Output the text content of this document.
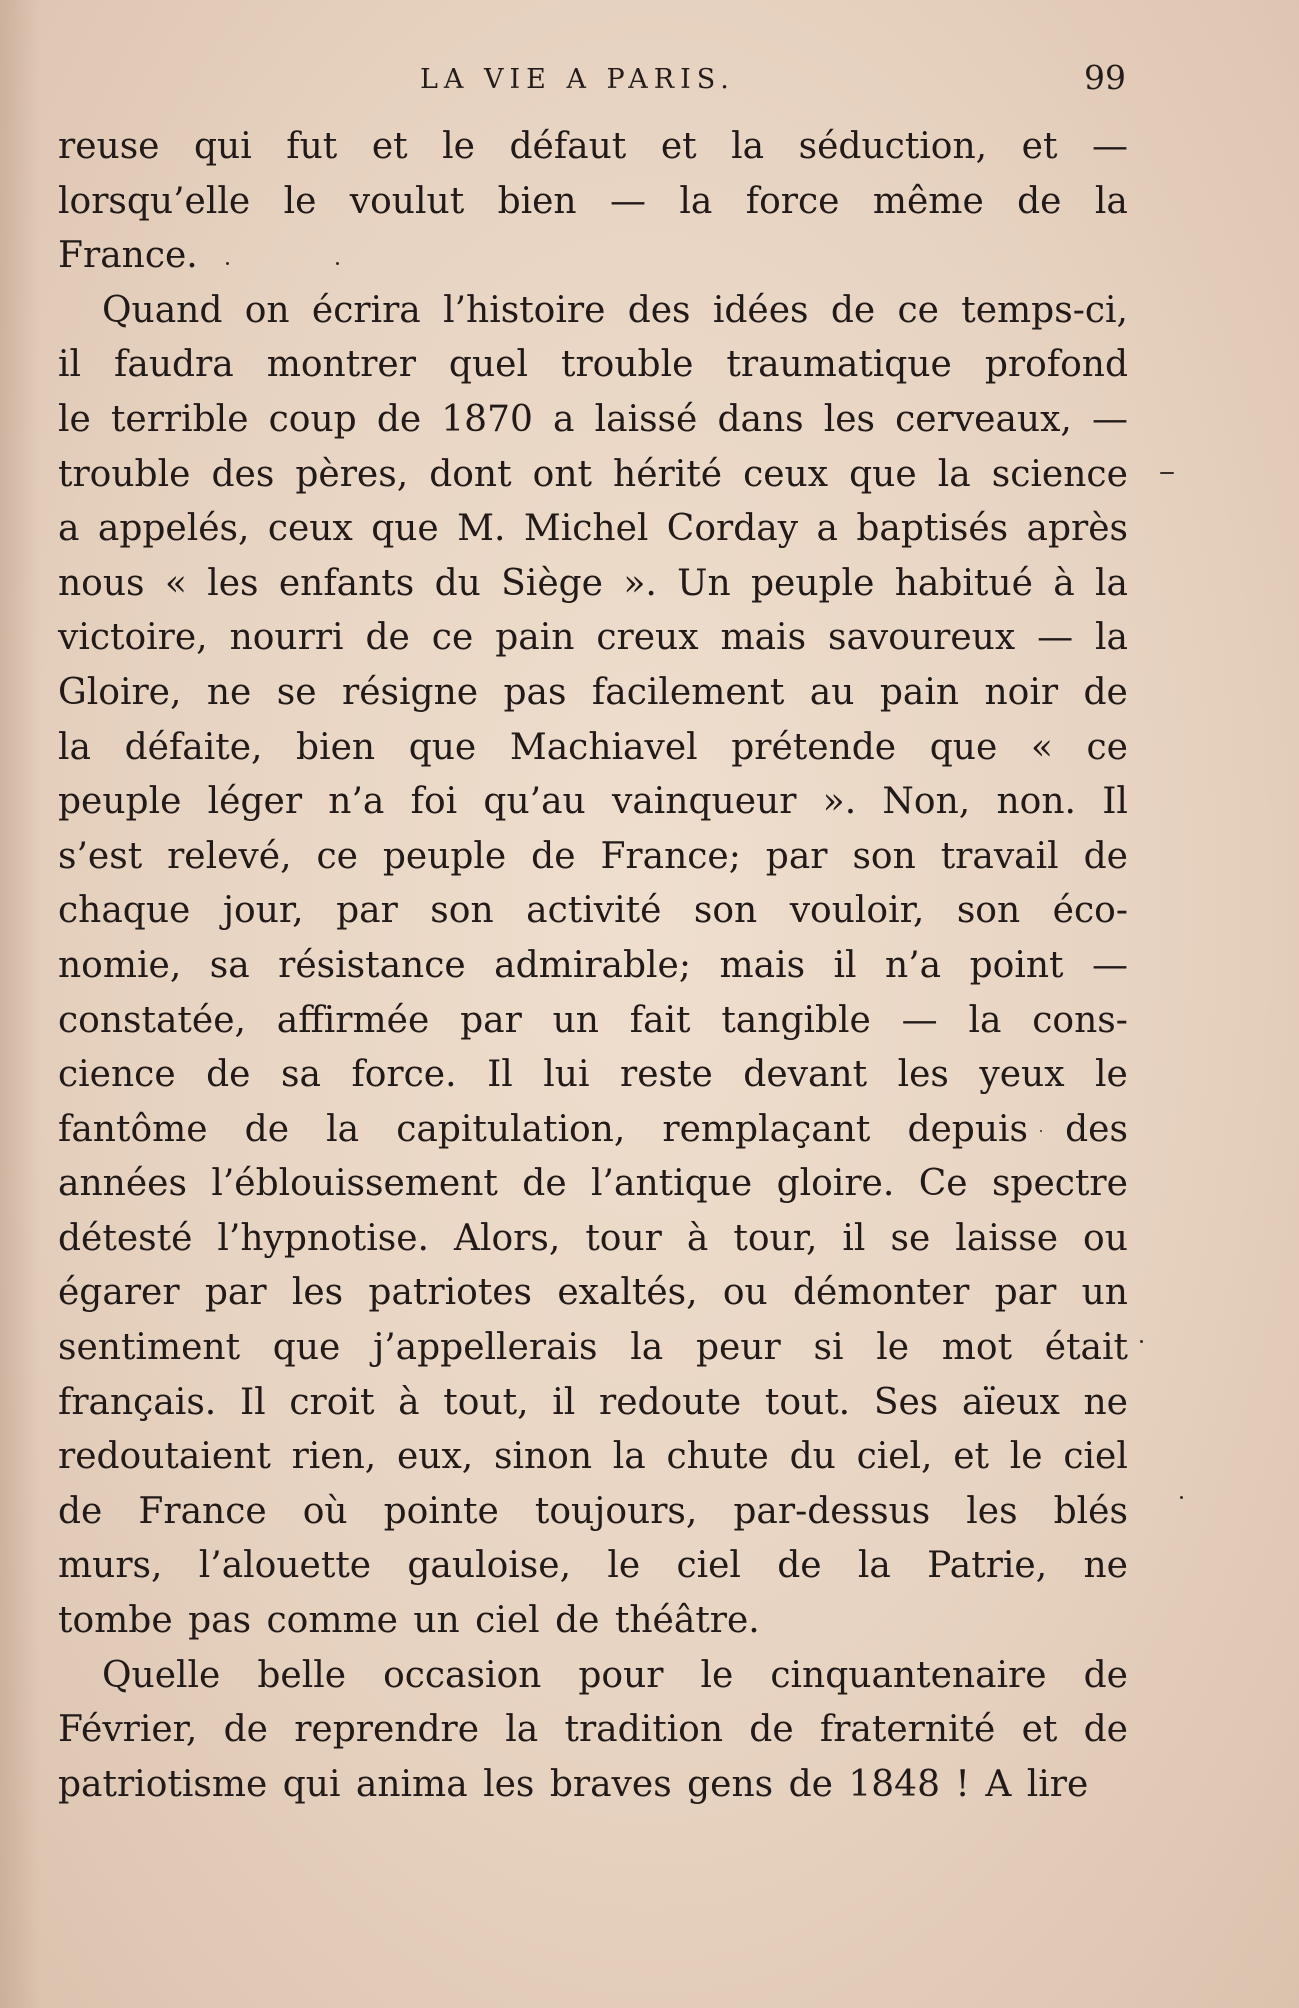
LA VIE A PARIS.	99
reuse qui fut et le défaut et la séduction, et —
lorsqu’elle le voulut bien — la force même de la
France.
Quand on écrira l’histoire des idées de ce temps-ci,
il faudra montrer quel trouble traumatique profond
le terrible coup de 1870 a laissé dans les cerveaux, —
trouble des pères, dont ont hérité ceux que la science
a appelés, ceux que M. Michel Corday a baptisés après
nous « les enfants du Siège ». Un peuple habitué à la
victoire, nourri de ce pain creux mais savoureux — la
Gloire, ne se résigne pas facilement au pain noir de
la défaite, bien que Machiavel prétende que « ce
peuple léger n’a foi qu’au vainqueur ». Non, non. Il
s’est relevé, ce peuple de France; par son travail de
chaque jour, par son activité son vouloir, son éco-
nomie, sa résistance admirable; mais il n’a point —
constatée, affirmée par un fait tangible — la cons-
cience de sa force. Il lui reste devant les yeux le
fantôme de la capitulation, remplaçant depuis des
années l’éblouissement de l’antique gloire. Ce spectre
détesté l’hypnotise. Alors, tour à tour, il se laisse ou
égarer par les patriotes exaltés, ou démonter par un
sentiment que j’appellerais la peur si le mot était
français. Il croit à tout, il redoute tout. Ses aïeux ne
redoutaient rien, eux, sinon la chute du ciel, et le ciel
de France où pointe toujours, par-dessus les blés
murs, l’alouette gauloise, le ciel de la Patrie, ne
tombe pas comme un ciel de théâtre.
Quelle belle occasion pour le cinquantenaire de
Février, de reprendre la tradition de fraternité et de
patriotisme qui anima les braves gens de 1848 ! A lire
